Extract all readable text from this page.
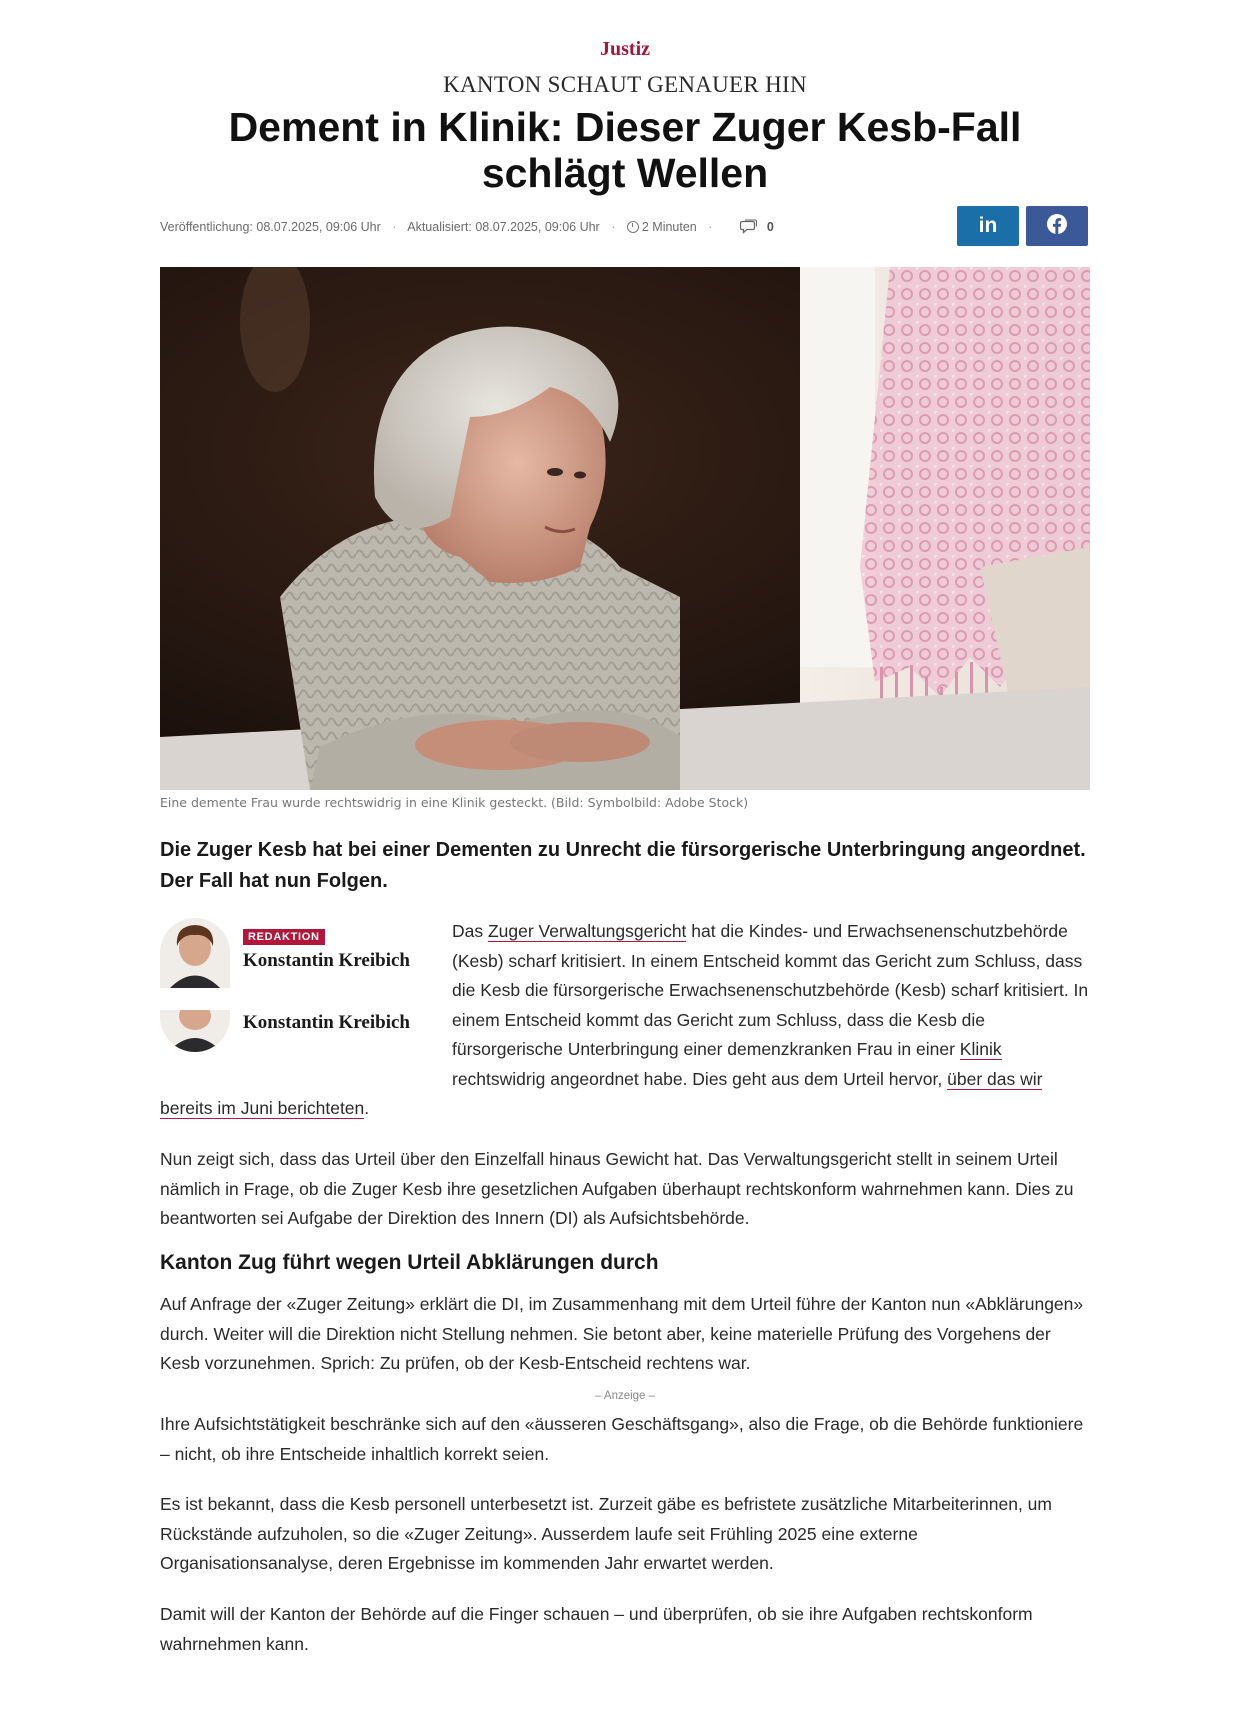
Justiz
KANTON SCHAUT GENAUER HIN
Dement in Klinik: Dieser Zuger Kesb-Fall schlägt Wellen
Veröffentlichung: 08.07.2025, 09:06 Uhr · Aktualisiert: 08.07.2025, 09:06 Uhr · 2 Minuten ·	0	in
Eine demente Frau wurde rechtswidrig in eine Klinik gesteckt. (Bild: Symbolbild: Adobe Stock)
Die Zuger Kesb hat bei einer Dementen zu Unrecht die fürsorgerische Unterbringung angeordnet. Der Fall hat nun Folgen.
REDAKTION
Konstantin Kreibich
Konstantin Kreibich
Das Zuger Verwaltungsgericht hat die Kindes- und Erwachsenenschutzbehörde (Kesb) scharf kritisiert. In einem Entscheid kommt das Gericht zum Schluss, dass die Kesb die fürsorgerische Erwachsenenschutzbehörde (Kesb) scharf kritisiert. In einem Entscheid kommt das Gericht zum Schluss, dass die Kesb die fürsorgerische Unterbringung einer demenzkranken Frau in einer Klinik rechtswidrig angeordnet habe. Dies geht aus dem Urteil hervor, über das wir bereits im Juni berichteten.
Nun zeigt sich, dass das Urteil über den Einzelfall hinaus Gewicht hat. Das Verwaltungsgericht stellt in seinem Urteil nämlich in Frage, ob die Zuger Kesb ihre gesetzlichen Aufgaben überhaupt rechtskonform wahrnehmen kann. Dies zu beantworten sei Aufgabe der Direktion des Innern (DI) als Aufsichtsbehörde.
Kanton Zug führt wegen Urteil Abklärungen durch
Auf Anfrage der «Zuger Zeitung» erklärt die DI, im Zusammenhang mit dem Urteil führe der Kanton nun «Abklärungen» durch. Weiter will die Direktion nicht Stellung nehmen. Sie betont aber, keine materielle Prüfung des Vorgehens der Kesb vorzunehmen. Sprich: Zu prüfen, ob der Kesb-Entscheid rechtens war.
– Anzeige –
Ihre Aufsichtstätigkeit beschränke sich auf den «äusseren Geschäftsgang», also die Frage, ob die Behörde funktioniere – nicht, ob ihre Entscheide inhaltlich korrekt seien.
Es ist bekannt, dass die Kesb personell unterbesetzt ist. Zurzeit gäbe es befristete zusätzliche Mitarbeiterinnen, um Rückstände aufzuholen, so die «Zuger Zeitung». Ausserdem laufe seit Frühling 2025 eine externe Organisationsanalyse, deren Ergebnisse im kommenden Jahr erwartet werden.
Damit will der Kanton der Behörde auf die Finger schauen – und überprüfen, ob sie ihre Aufgaben rechtskonform wahrnehmen kann.
